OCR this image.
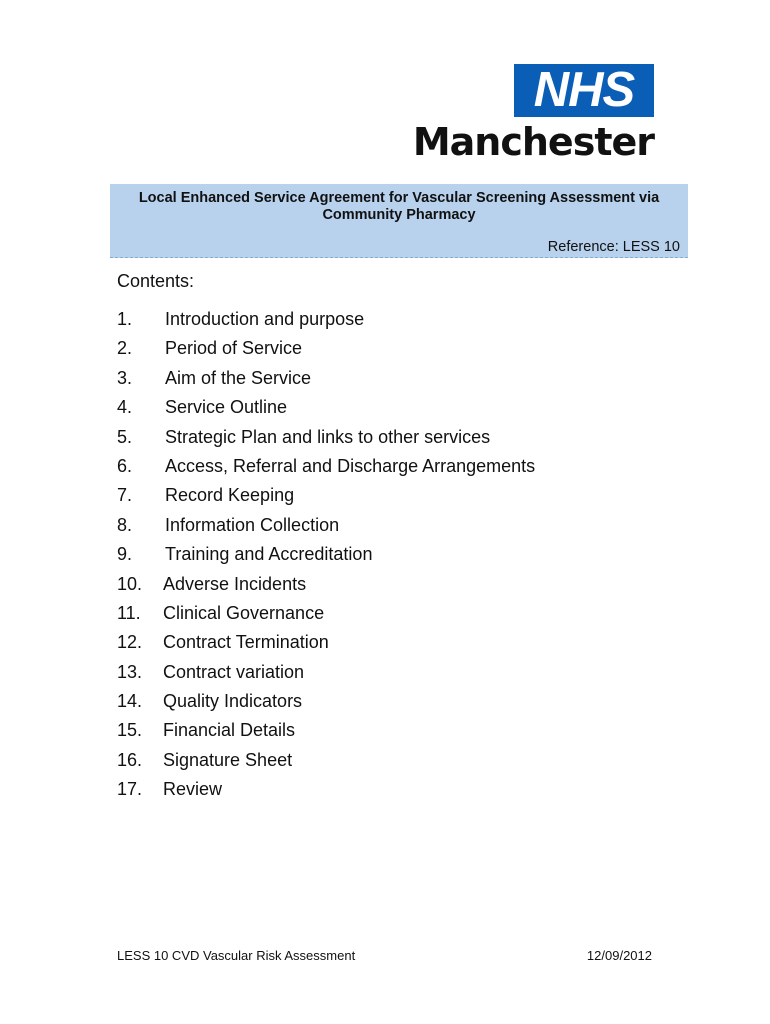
NHS
Manchester
Local Enhanced Service Agreement for Vascular Screening Assessment via Community Pharmacy
Reference: LESS 10
Contents:
1. Introduction and purpose
2. Period of Service
3. Aim of the Service
4. Service Outline
5. Strategic Plan and links to other services
6. Access, Referral and Discharge Arrangements
7. Record Keeping
8. Information Collection
9. Training and Accreditation
10. Adverse Incidents
11. Clinical Governance
12. Contract Termination
13. Contract variation
14. Quality Indicators
15. Financial Details
16. Signature Sheet
17. Review
LESS 10 CVD Vascular Risk Assessment	12/09/2012
